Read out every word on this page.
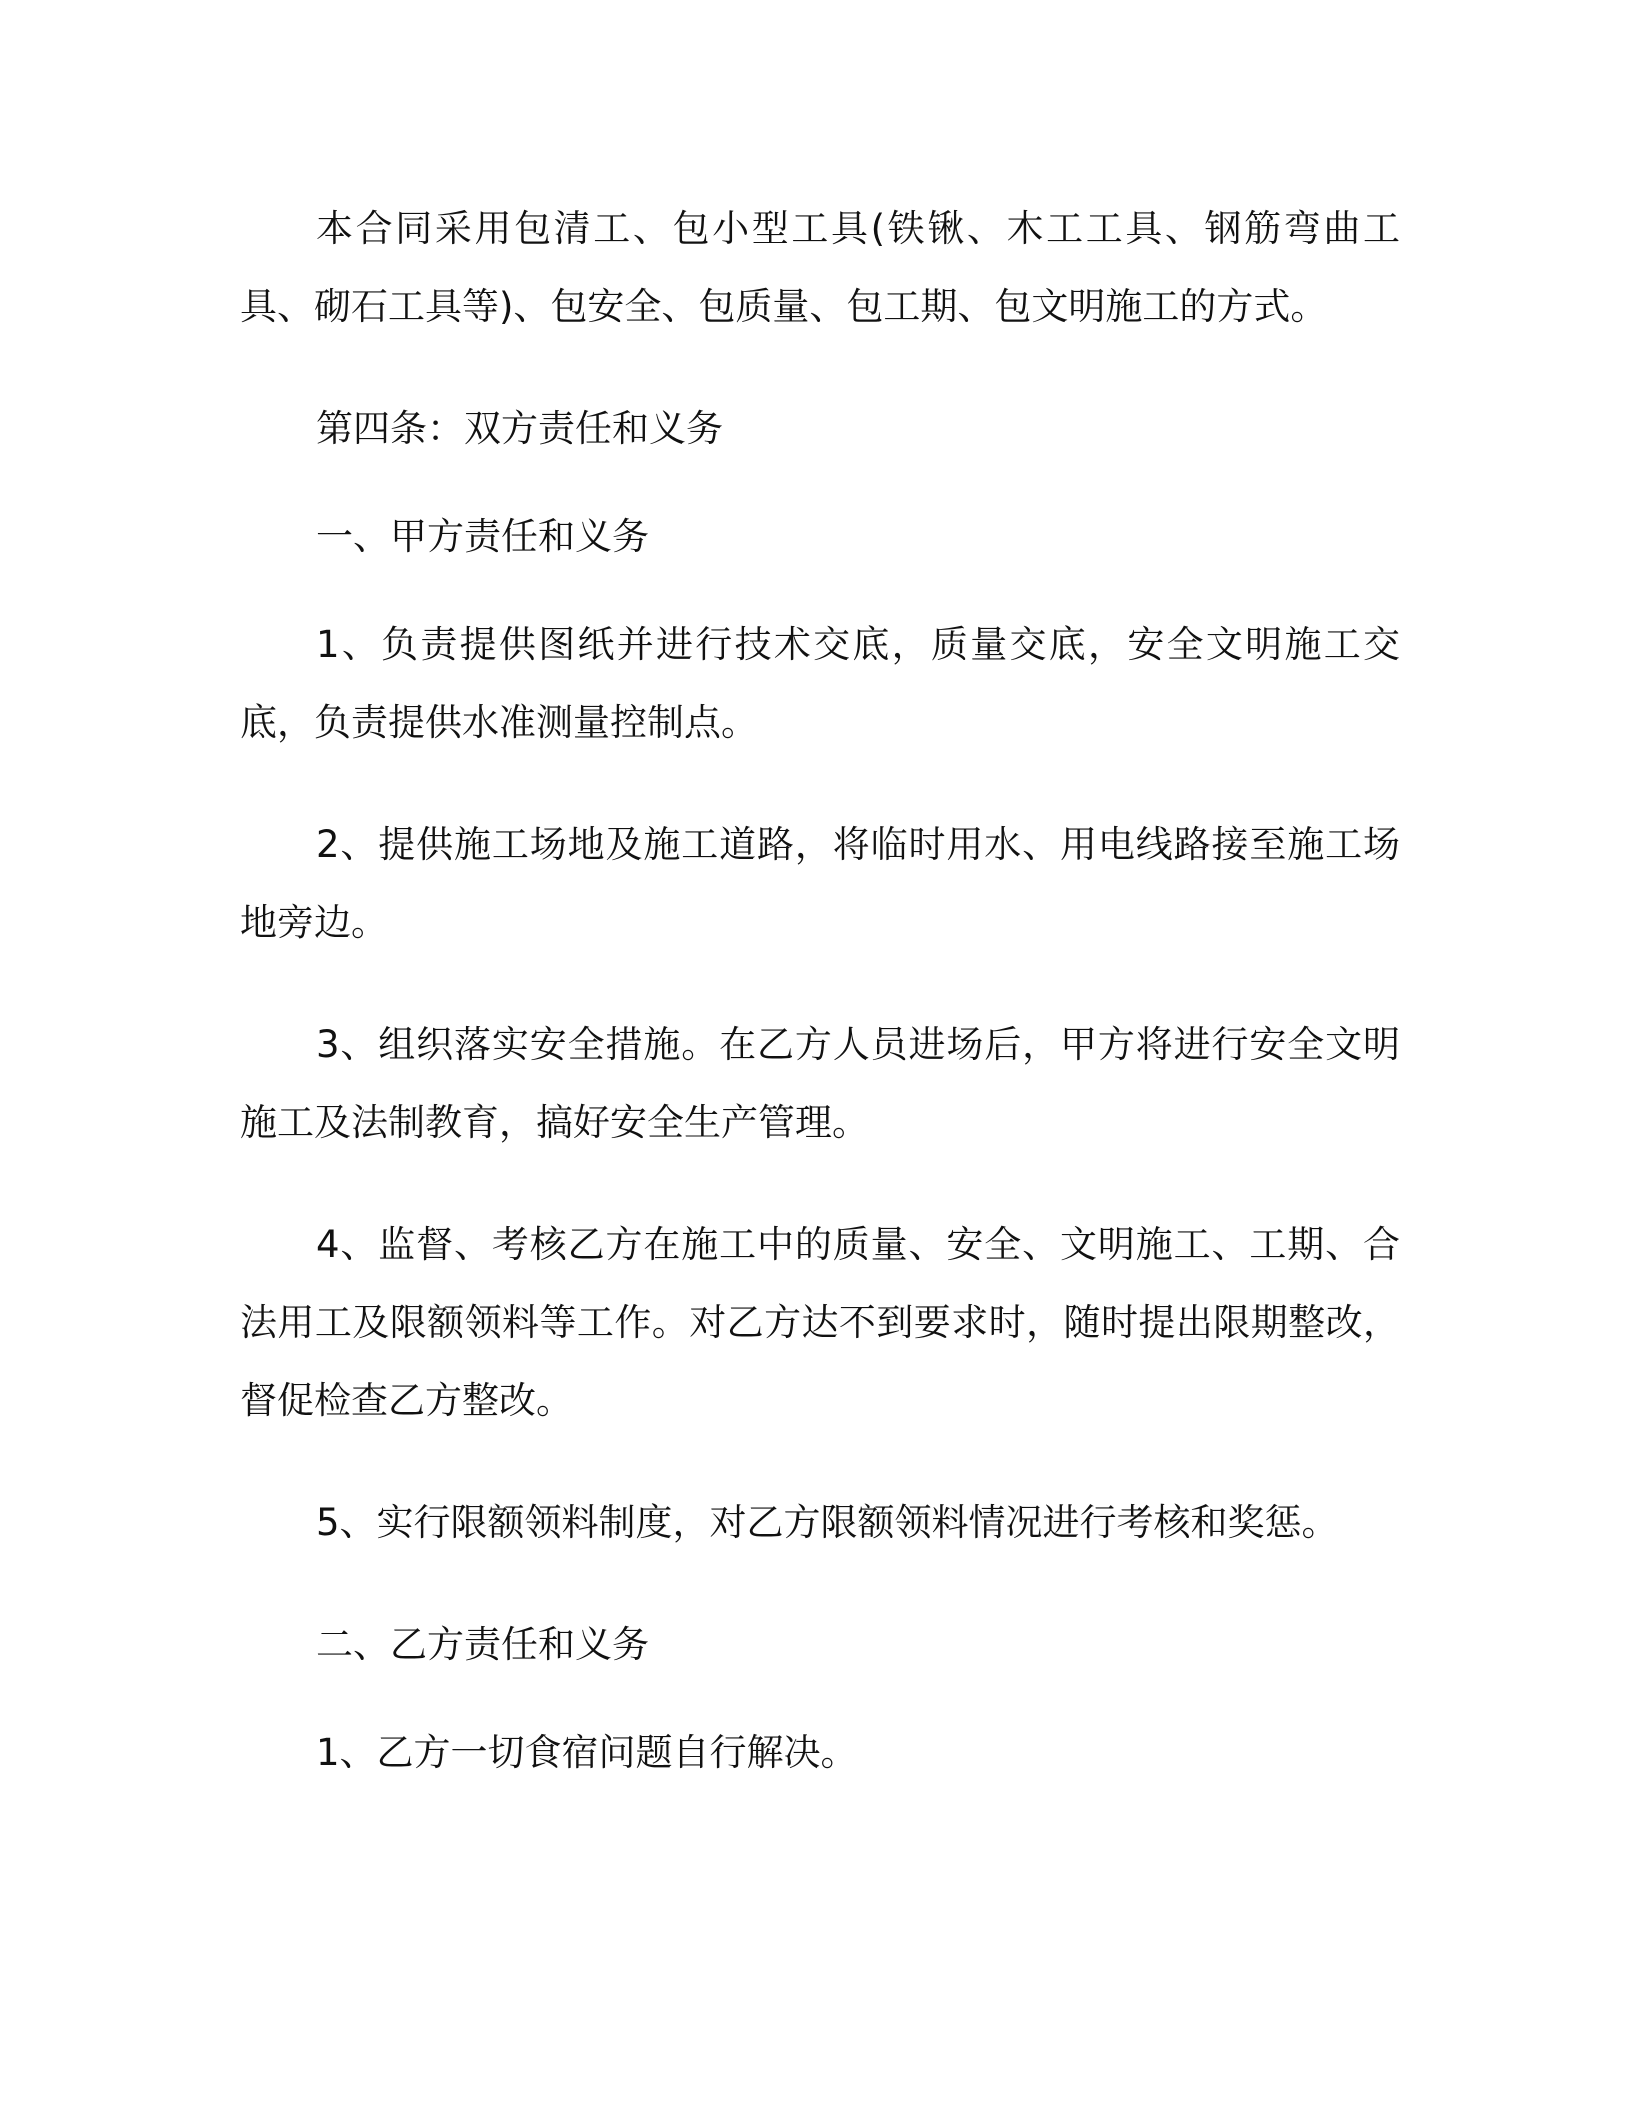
本合同采用包清工、包小型工具(铁锹、木工工具、钢筋弯曲工具、砌石工具等)、包安全、包质量、包工期、包文明施工的方式。

第四条：双方责任和义务

一、甲方责任和义务

1、负责提供图纸并进行技术交底，质量交底，安全文明施工交底，负责提供水准测量控制点。

2、提供施工场地及施工道路，将临时用水、用电线路接至施工场地旁边。

3、组织落实安全措施。在乙方人员进场后，甲方将进行安全文明施工及法制教育，搞好安全生产管理。

4、监督、考核乙方在施工中的质量、安全、文明施工、工期、合法用工及限额领料等工作。对乙方达不到要求时，随时提出限期整改，督促检查乙方整改。

5、实行限额领料制度，对乙方限额领料情况进行考核和奖惩。

二、乙方责任和义务

1、乙方一切食宿问题自行解决。
